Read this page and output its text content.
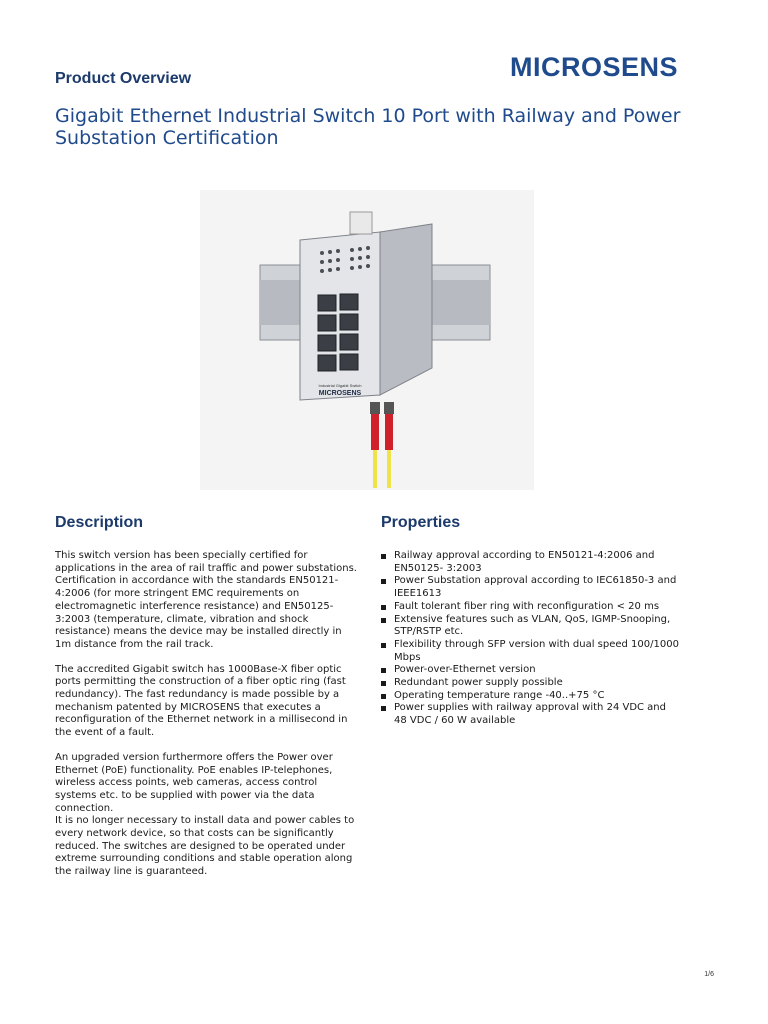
Product Overview	MICROSENS
Gigabit Ethernet Industrial Switch 10 Port with Railway and Power Substation Certification
Industrial Gigabit Switch
MICROSENS
Description	Properties

This switch version has been specially certified for applications in the area of rail traffic and power substations. Certification in accordance with the standards EN50121-4:2006 (for more stringent EMC requirements on electromagnetic interference resistance) and EN50125-3:2003 (temperature, climate, vibration and shock resistance) means the device may be installed directly in 1m distance from the rail track.

The accredited Gigabit switch has 1000Base-X fiber optic ports permitting the construction of a fiber optic ring (fast redundancy). The fast redundancy is made possible by a mechanism patented by MICROSENS that executes a reconfiguration of the Ethernet network in a millisecond in the event of a fault.

An upgraded version furthermore offers the Power over Ethernet (PoE) functionality. PoE enables IP-telephones, wireless access points, web cameras, access control systems etc. to be supplied with power via the data connection.

It is no longer necessary to install data and power cables to every network device, so that costs can be significantly reduced. The switches are designed to be operated under extreme surrounding conditions and stable operation along the railway line is guaranteed.

Railway approval according to EN50121-4:2006 and EN50125- 3:2003
Power Substation approval according to IEC61850-3 and IEEE1613
Fault tolerant fiber ring with reconfiguration < 20 ms
Extensive features such as VLAN, QoS, IGMP-Snooping, STP/RSTP etc.
Flexibility through SFP version with dual speed 100/1000 Mbps
Power-over-Ethernet version
Redundant power supply possible
Operating temperature range -40..+75 °C
Power supplies with railway approval with 24 VDC and 48 VDC / 60 W available
1/6
